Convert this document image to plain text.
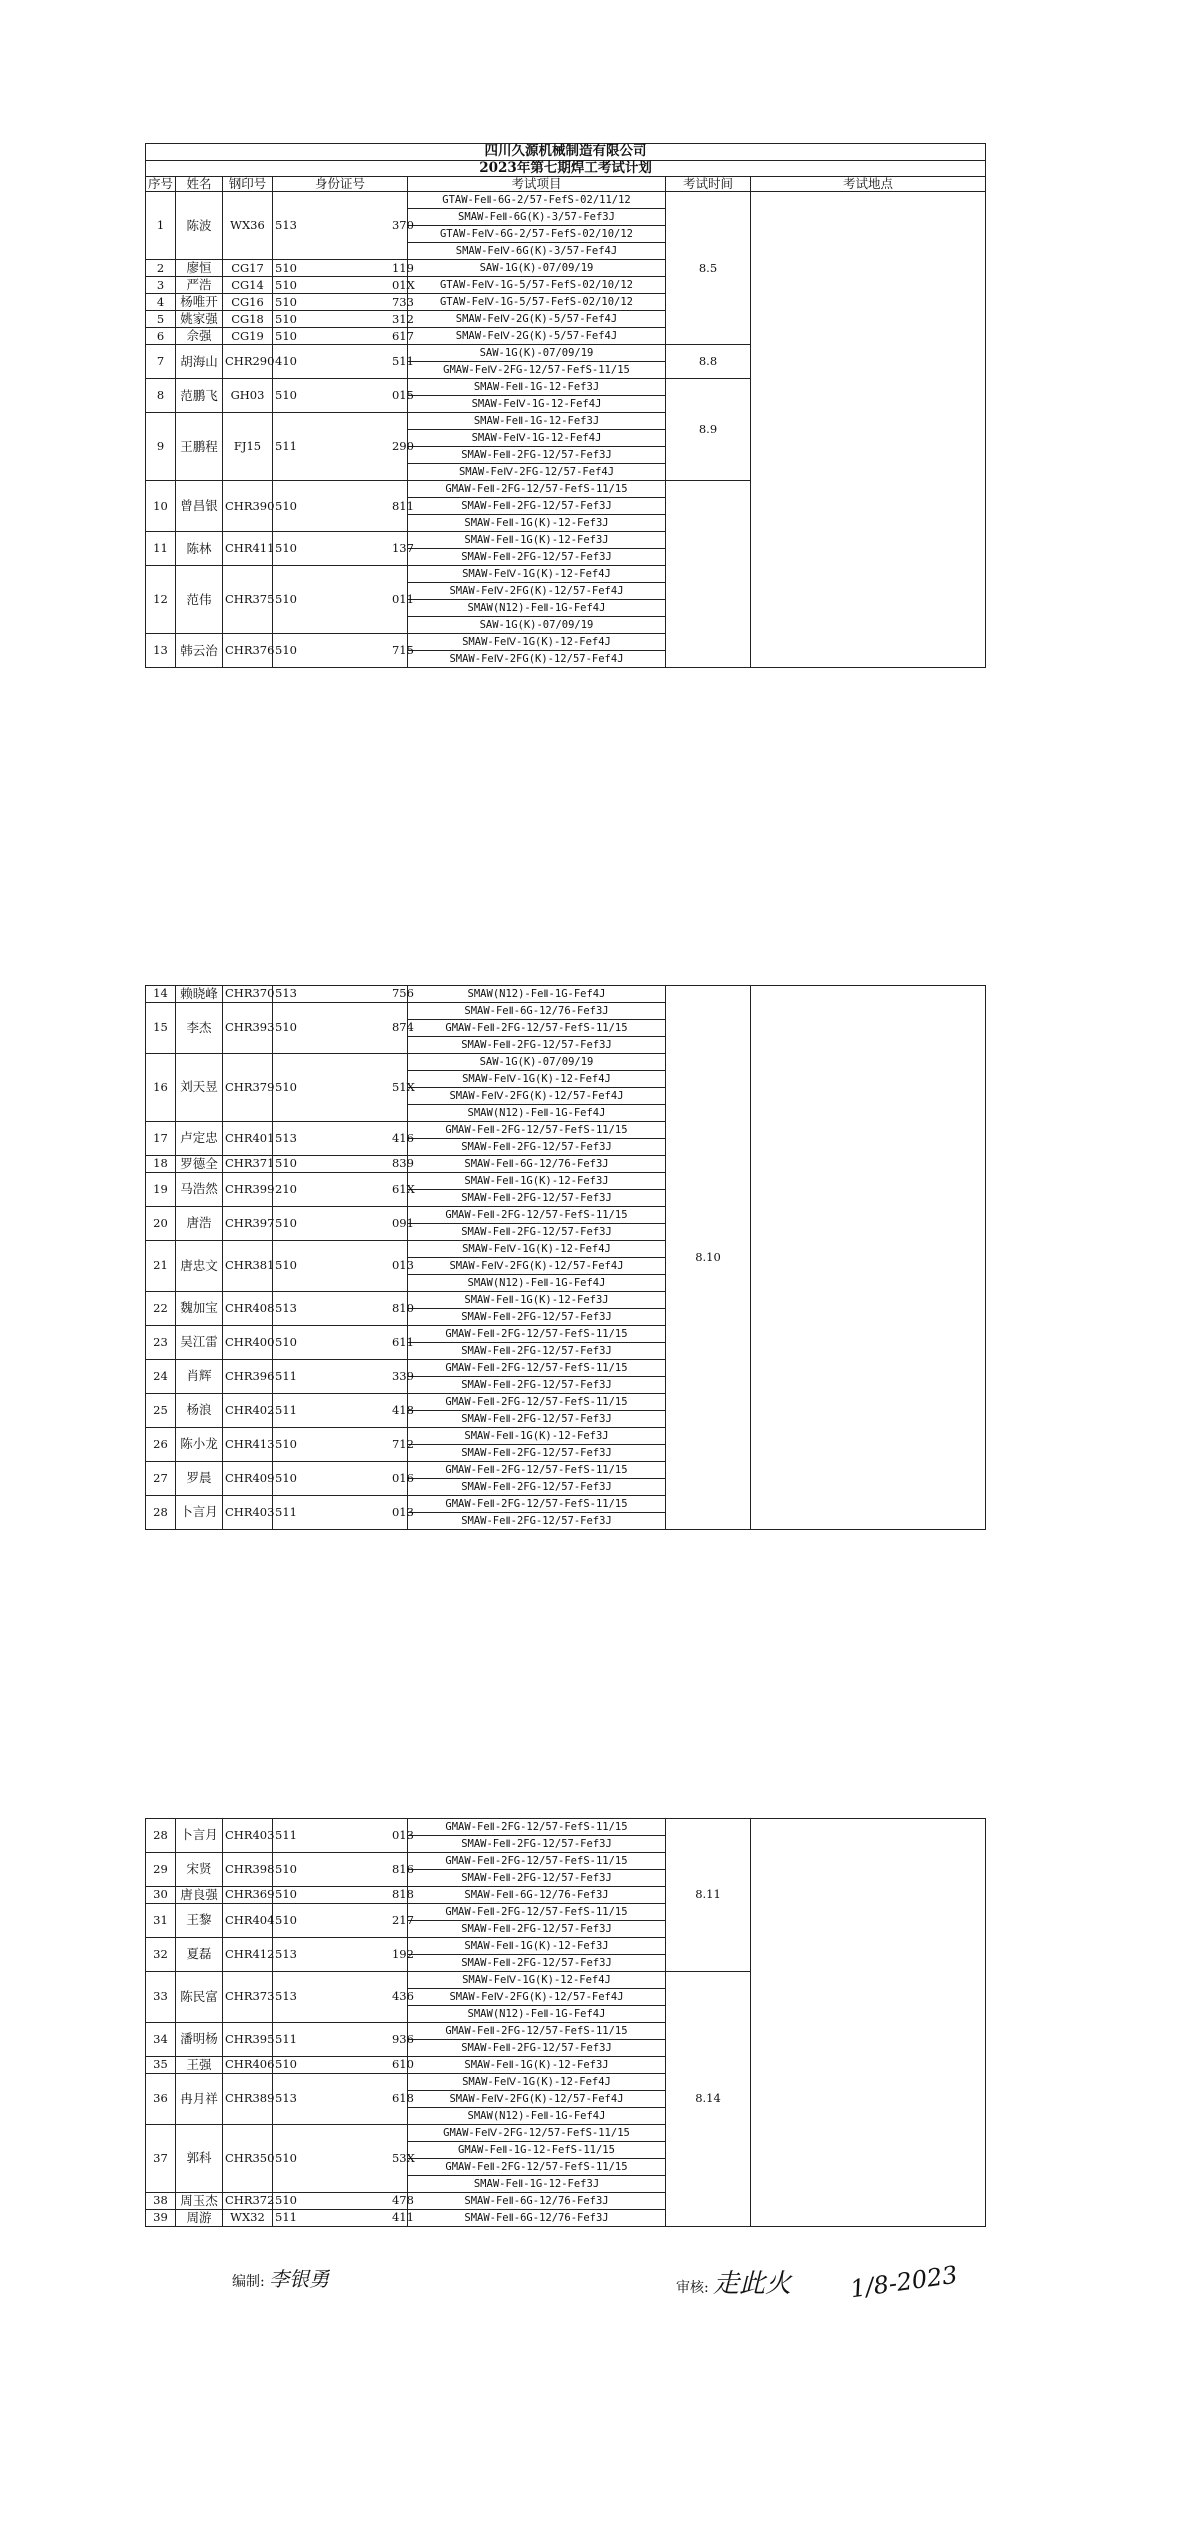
四川久源机械制造有限公司						
2023年第七期焊工考试计划						
序号	姓名	钢印号	身份证号	考试项目	考试时间	考试地点
1	陈波	WX36	513 370	GTAW-FeⅡ-6G-2/57-FefS-02/11/12	8.5	
				SMAW-FeⅡ-6G(K)-3/57-Fef3J		
				GTAW-FeⅣ-6G-2/57-FefS-02/10/12		
				SMAW-FeⅣ-6G(K)-3/57-Fef4J		
2	廖恒	CG17	510 119	SAW-1G(K)-07/09/19		
3	严浩	CG14	510 01X	GTAW-FeⅣ-1G-5/57-FefS-02/10/12		
4	杨唯开	CG16	510 733	GTAW-FeⅣ-1G-5/57-FefS-02/10/12		
5	姚家强	CG18	510 312	SMAW-FeⅣ-2G(K)-5/57-Fef4J		
6	佘强	CG19	510 617	SMAW-FeⅣ-2G(K)-5/57-Fef4J		
7	胡海山	CHR290	410 511	SAW-1G(K)-07/09/19	8.8	
				GMAW-FeⅣ-2FG-12/57-FefS-11/15		
8	范鹏飞	GH03	510 015	SMAW-FeⅡ-1G-12-Fef3J	8.9	
				SMAW-FeⅣ-1G-12-Fef4J		
9	王鹏程	FJ15	511 290	SMAW-FeⅡ-1G-12-Fef3J		
				SMAW-FeⅣ-1G-12-Fef4J		
				SMAW-FeⅡ-2FG-12/57-Fef3J		
				SMAW-FeⅣ-2FG-12/57-Fef4J		
10	曾昌银	CHR390	510 811	GMAW-FeⅡ-2FG-12/57-FefS-11/15		
				SMAW-FeⅡ-2FG-12/57-Fef3J		
				SMAW-FeⅡ-1G(K)-12-Fef3J		
11	陈林	CHR411	510 137	SMAW-FeⅡ-1G(K)-12-Fef3J		
				SMAW-FeⅡ-2FG-12/57-Fef3J		
12	范伟	CHR375	510 011	SMAW-FeⅣ-1G(K)-12-Fef4J		
				SMAW-FeⅣ-2FG(K)-12/57-Fef4J		
				SMAW(N12)-FeⅡ-1G-Fef4J		
				SAW-1G(K)-07/09/19		
13	韩云治	CHR376	510 715	SMAW-FeⅣ-1G(K)-12-Fef4J		
				SMAW-FeⅣ-2FG(K)-12/57-Fef4J		
14	赖晓峰	CHR370	513 756	SMAW(N12)-FeⅡ-1G-Fef4J	8.10	
15	李杰	CHR393	510 874	SMAW-FeⅡ-6G-12/76-Fef3J		
				GMAW-FeⅡ-2FG-12/57-FefS-11/15		
				SMAW-FeⅡ-2FG-12/57-Fef3J		
16	刘天昱	CHR379	510 51X	SAW-1G(K)-07/09/19		
				SMAW-FeⅣ-1G(K)-12-Fef4J		
				SMAW-FeⅣ-2FG(K)-12/57-Fef4J		
				SMAW(N12)-FeⅡ-1G-Fef4J		
17	卢定忠	CHR401	513 416	GMAW-FeⅡ-2FG-12/57-FefS-11/15		
				SMAW-FeⅡ-2FG-12/57-Fef3J		
18	罗德全	CHR371	510 839	SMAW-FeⅡ-6G-12/76-Fef3J		
19	马浩然	CHR399	210 61X	SMAW-FeⅡ-1G(K)-12-Fef3J		
				SMAW-FeⅡ-2FG-12/57-Fef3J		
20	唐浩	CHR397	510 091	GMAW-FeⅡ-2FG-12/57-FefS-11/15		
				SMAW-FeⅡ-2FG-12/57-Fef3J		
21	唐忠文	CHR381	510 013	SMAW-FeⅣ-1G(K)-12-Fef4J		
				SMAW-FeⅣ-2FG(K)-12/57-Fef4J		
				SMAW(N12)-FeⅡ-1G-Fef4J		
22	魏加宝	CHR408	513 810	SMAW-FeⅡ-1G(K)-12-Fef3J		
				SMAW-FeⅡ-2FG-12/57-Fef3J		
23	吴江雷	CHR400	510 611	GMAW-FeⅡ-2FG-12/57-FefS-11/15		
				SMAW-FeⅡ-2FG-12/57-Fef3J		
24	肖辉	CHR396	511 339	GMAW-FeⅡ-2FG-12/57-FefS-11/15		
				SMAW-FeⅡ-2FG-12/57-Fef3J		
25	杨浪	CHR402	511 418	GMAW-FeⅡ-2FG-12/57-FefS-11/15		
				SMAW-FeⅡ-2FG-12/57-Fef3J		
26	陈小龙	CHR413	510 712	SMAW-FeⅡ-1G(K)-12-Fef3J		
				SMAW-FeⅡ-2FG-12/57-Fef3J		
27	罗晨	CHR409	510 016	GMAW-FeⅡ-2FG-12/57-FefS-11/15		
				SMAW-FeⅡ-2FG-12/57-Fef3J		
28	卜言月	CHR403	511 013	GMAW-FeⅡ-2FG-12/57-FefS-11/15		
				SMAW-FeⅡ-2FG-12/57-Fef3J		
28	卜言月	CHR403	511 013	GMAW-FeⅡ-2FG-12/57-FefS-11/15	8.11	
				SMAW-FeⅡ-2FG-12/57-Fef3J		
29	宋贤	CHR398	510 816	GMAW-FeⅡ-2FG-12/57-FefS-11/15		
				SMAW-FeⅡ-2FG-12/57-Fef3J		
30	唐良强	CHR369	510 818	SMAW-FeⅡ-6G-12/76-Fef3J		
31	王黎	CHR404	510 217	GMAW-FeⅡ-2FG-12/57-FefS-11/15		
				SMAW-FeⅡ-2FG-12/57-Fef3J		
32	夏磊	CHR412	513 192	SMAW-FeⅡ-1G(K)-12-Fef3J		
				SMAW-FeⅡ-2FG-12/57-Fef3J		
33	陈民富	CHR373	513 436	SMAW-FeⅣ-1G(K)-12-Fef4J	8.14	
				SMAW-FeⅣ-2FG(K)-12/57-Fef4J		
				SMAW(N12)-FeⅡ-1G-Fef4J		
34	潘明杨	CHR395	511 936	GMAW-FeⅡ-2FG-12/57-FefS-11/15		
				SMAW-FeⅡ-2FG-12/57-Fef3J		
35	王强	CHR406	510 610	SMAW-FeⅡ-1G(K)-12-Fef3J		
36	冉月祥	CHR389	513 618	SMAW-FeⅣ-1G(K)-12-Fef4J		
				SMAW-FeⅣ-2FG(K)-12/57-Fef4J		
				SMAW(N12)-FeⅡ-1G-Fef4J		
37	郭科	CHR350	510 53X	GMAW-FeⅣ-2FG-12/57-FefS-11/15		
				GMAW-FeⅡ-1G-12-FefS-11/15		
				GMAW-FeⅡ-2FG-12/57-FefS-11/15		
				SMAW-FeⅡ-1G-12-Fef3J		
38	周玉杰	CHR372	510 478	SMAW-FeⅡ-6G-12/76-Fef3J		
39	周游	WX32	511 411	SMAW-FeⅡ-6G-12/76-Fef3J		
编制: 李银勇	审核: 走此火 1/8-2023
